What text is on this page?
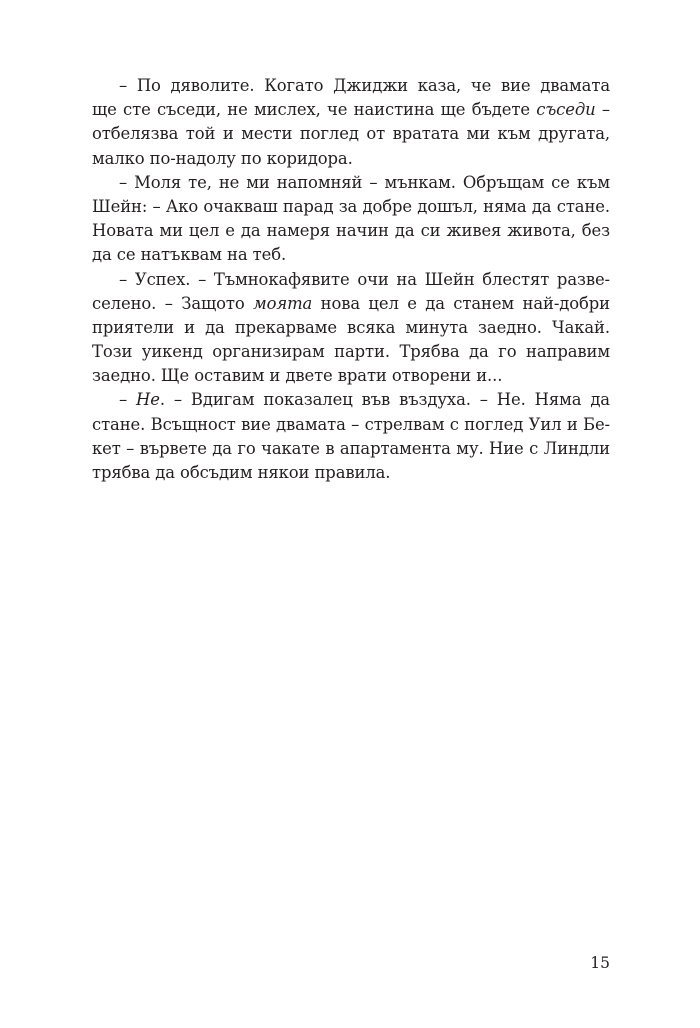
– По дяволите. Когато Джиджи каза, че вие двамата
ще сте съседи, не мислех, че наистина ще бъдете съседи –
отбелязва той и мести поглед от вратата ми към другата,
малко по-надолу по коридора.
– Моля те, не ми напомняй – мънкам. Обръщам се към
Шейн: – Ако очакваш парад за добре дошъл, няма да стане.
Новата ми цел е да намеря начин да си живея живота, без
да се натъквам на теб.
– Успех. – Тъмнокафявите очи на Шейн блестят разве-
селено. – Защото моята нова цел е да станем най-добри
приятели и да прекарваме всяка минута заедно. Чакай.
Този уикенд организирам парти. Трябва да го направим
заедно. Ще оставим и двете врати отворени и...
– Не. – Вдигам показалец във въздуха. – Не. Няма да
стане. Всъщност вие двамата – стрелвам с поглед Уил и Бе-
кет – вървете да го чакате в апартамента му. Ние с Линдли
трябва да обсъдим някои правила.
15
